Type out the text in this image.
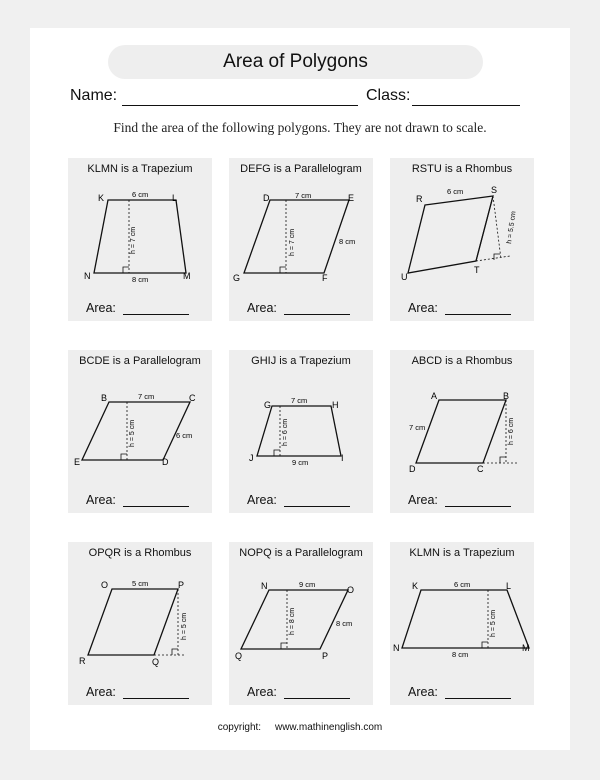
Area of Polygons
Name:	Class:
Find the area of the following polygons. They are not drawn to scale.
KLMN is a Trapezium
K	L
M
N
6 cm
h = 7 cm
8 cm
Area:
DEFG is a Parallelogram
D	E
F
G
7 cm
h = 7 cm	8 cm
Area:
RSTU is a Rhombus
R
S
T
U
6 cm
h = 5.5 cm
Area:
BCDE is a Parallelogram
B	C
D
E
7 cm
h = 5 cm	6 cm
Area:
GHIJ is a Trapezium
G	H
I
J
7 cm
h = 6 cm
9 cm
Area:
ABCD is a Rhombus
A	B
C
D
7 cm	h = 6 cm
Area:
OPQR is a Rhombus
O	P
Q
R
5 cm
h = 5 cm
Area:
NOPQ is a Parallelogram
N	O
P
Q
9 cm
h = 8 cm	8 cm
Area:
KLMN is a Trapezium
K	L
M
N
6 cm
h = 5 cm
8 cm
Area:
copyright:     www.mathinenglish.com
